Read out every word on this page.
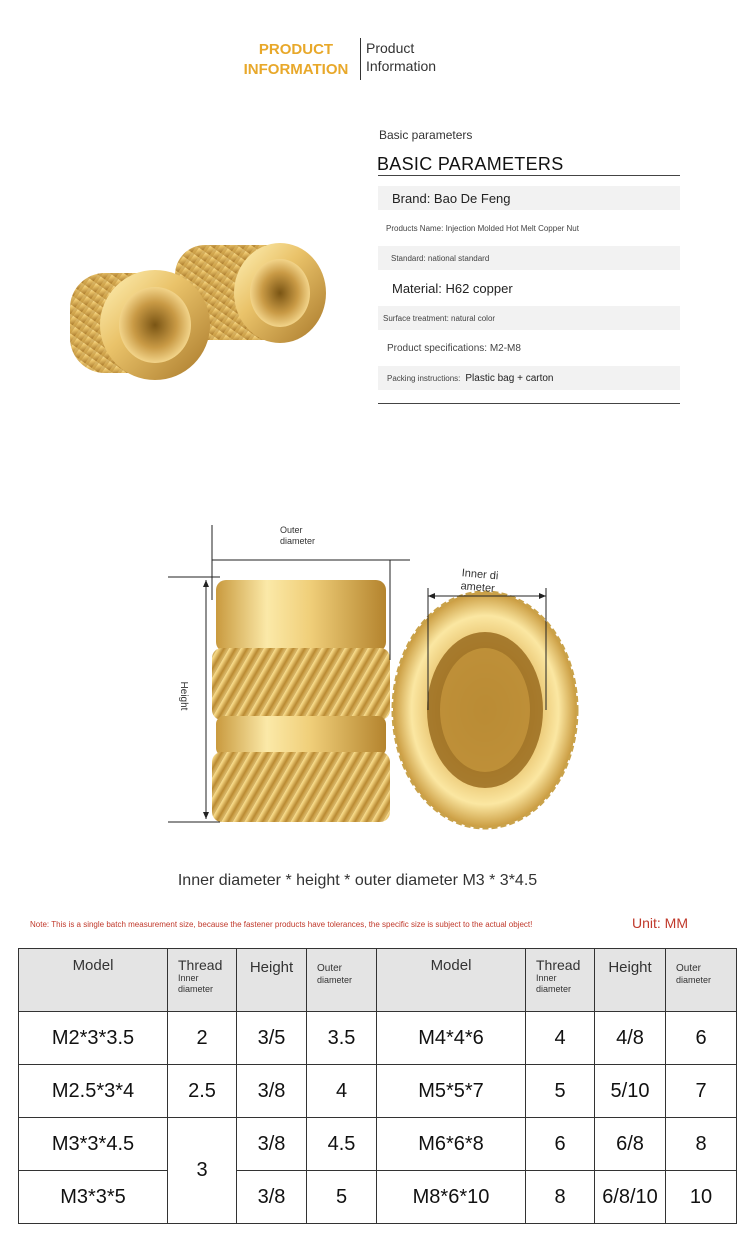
PRODUCT
INFORMATION
Product
Information
Basic parameters
BASIC PARAMETERS
Brand: Bao De Feng
Products Name: Injection Molded Hot Melt Copper Nut
Standard: national standard
Material: H62 copper
Surface treatment: natural color
Product specifications: M2-M8
Packing instructions: Plastic bag + carton
Outer
diameter
Inner di
ameter
Height
Inner diameter * height * outer diameter M3 * 3*4.5
Note: This is a single batch measurement size, because the fastener products have tolerances, the specific size is subject to the actual object!	Unit: MM
Model	Thread
Inner
diameter	Height	Outer
diameter	Model	Thread
Inner
diameter	Height	Outer
diameter

M2*3*3.5	2	3/5	3.5	M4*4*6	4	4/8	6
M2.5*3*4	2.5	3/8	4	M5*5*7	5	5/10	7
M3*3*4.5	3	3/8	4.5	M6*6*8	6	6/8	8
M3*3*5		3/8	5	M8*6*10	8	6/8/10	10
